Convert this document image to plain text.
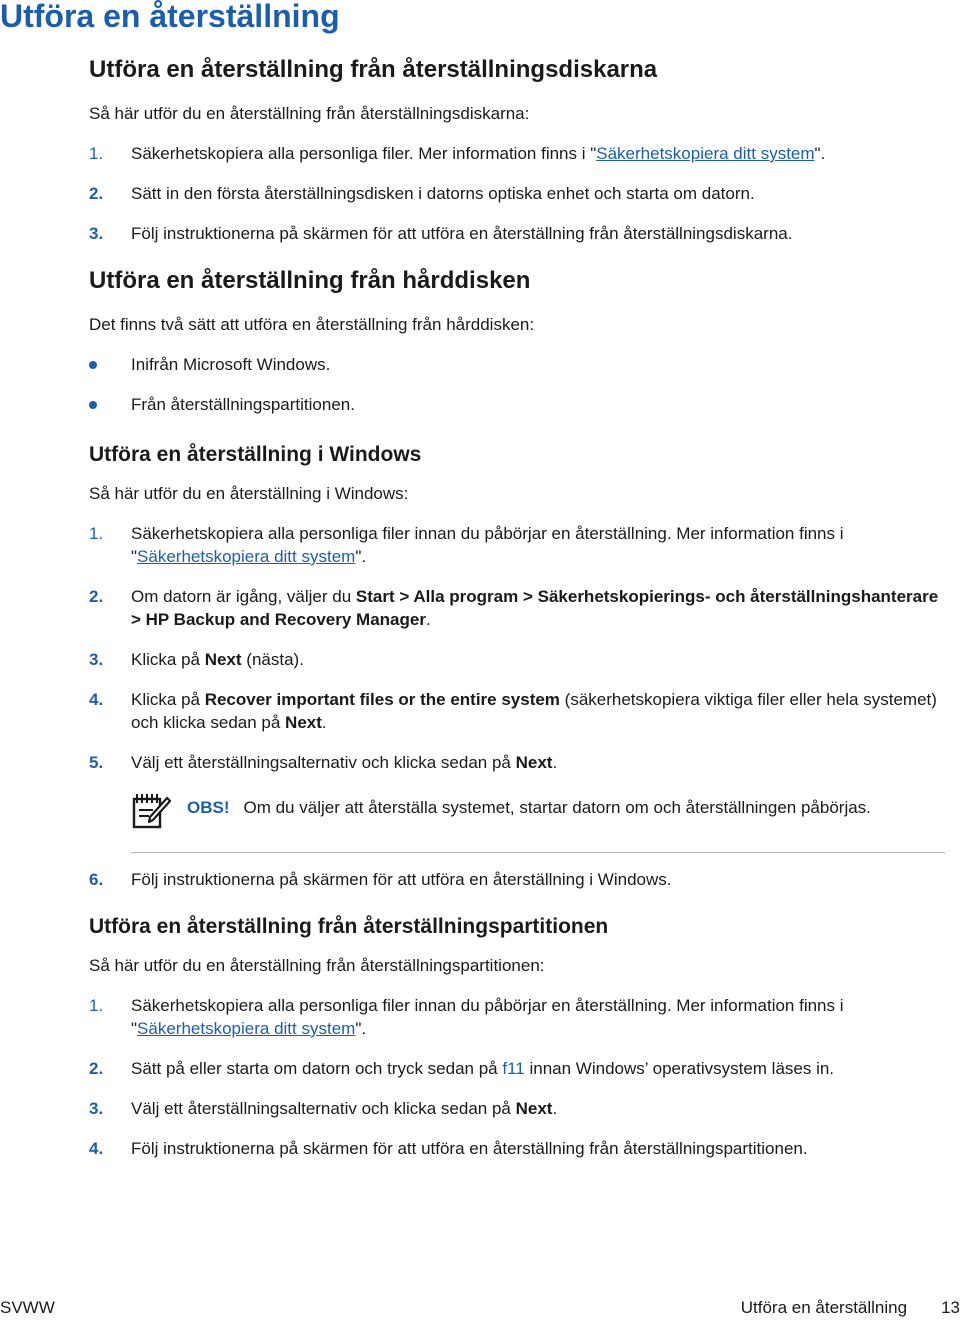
Utföra en återställning
Utföra en återställning från återställningsdiskarna

Så här utför du en återställning från återställningsdiskarna:

1. Säkerhetskopiera alla personliga filer. Mer information finns i "Säkerhetskopiera ditt system".
2. Sätt in den första återställningsdisken i datorns optiska enhet och starta om datorn.
3. Följ instruktionerna på skärmen för att utföra en återställning från återställningsdiskarna.
Utföra en återställning från hårddisken

Det finns två sätt att utföra en återställning från hårddisken:

Inifrån Microsoft Windows.
Från återställningspartitionen.
Utföra en återställning i Windows

Så här utför du en återställning i Windows:

1. Säkerhetskopiera alla personliga filer innan du påbörjar en återställning. Mer information finns i "Säkerhetskopiera ditt system".
2. Om datorn är igång, väljer du Start > Alla program > Säkerhetskopierings- och återställningshanterare > HP Backup and Recovery Manager.
3. Klicka på Next (nästa).
4. Klicka på Recover important files or the entire system (säkerhetskopiera viktiga filer eller hela systemet) och klicka sedan på Next.
5. Välj ett återställningsalternativ och klicka sedan på Next.
OBS! Om du väljer att återställa systemet, startar datorn om och återställningen påbörjas.
6. Följ instruktionerna på skärmen för att utföra en återställning i Windows.
Utföra en återställning från återställningspartitionen

Så här utför du en återställning från återställningspartitionen:

1. Säkerhetskopiera alla personliga filer innan du påbörjar en återställning. Mer information finns i "Säkerhetskopiera ditt system".
2. Sätt på eller starta om datorn och tryck sedan på f11 innan Windows’ operativsystem läses in.
3. Välj ett återställningsalternativ och klicka sedan på Next.
4. Följ instruktionerna på skärmen för att utföra en återställning från återställningspartitionen.
SVWW	Utföra en återställning 13
